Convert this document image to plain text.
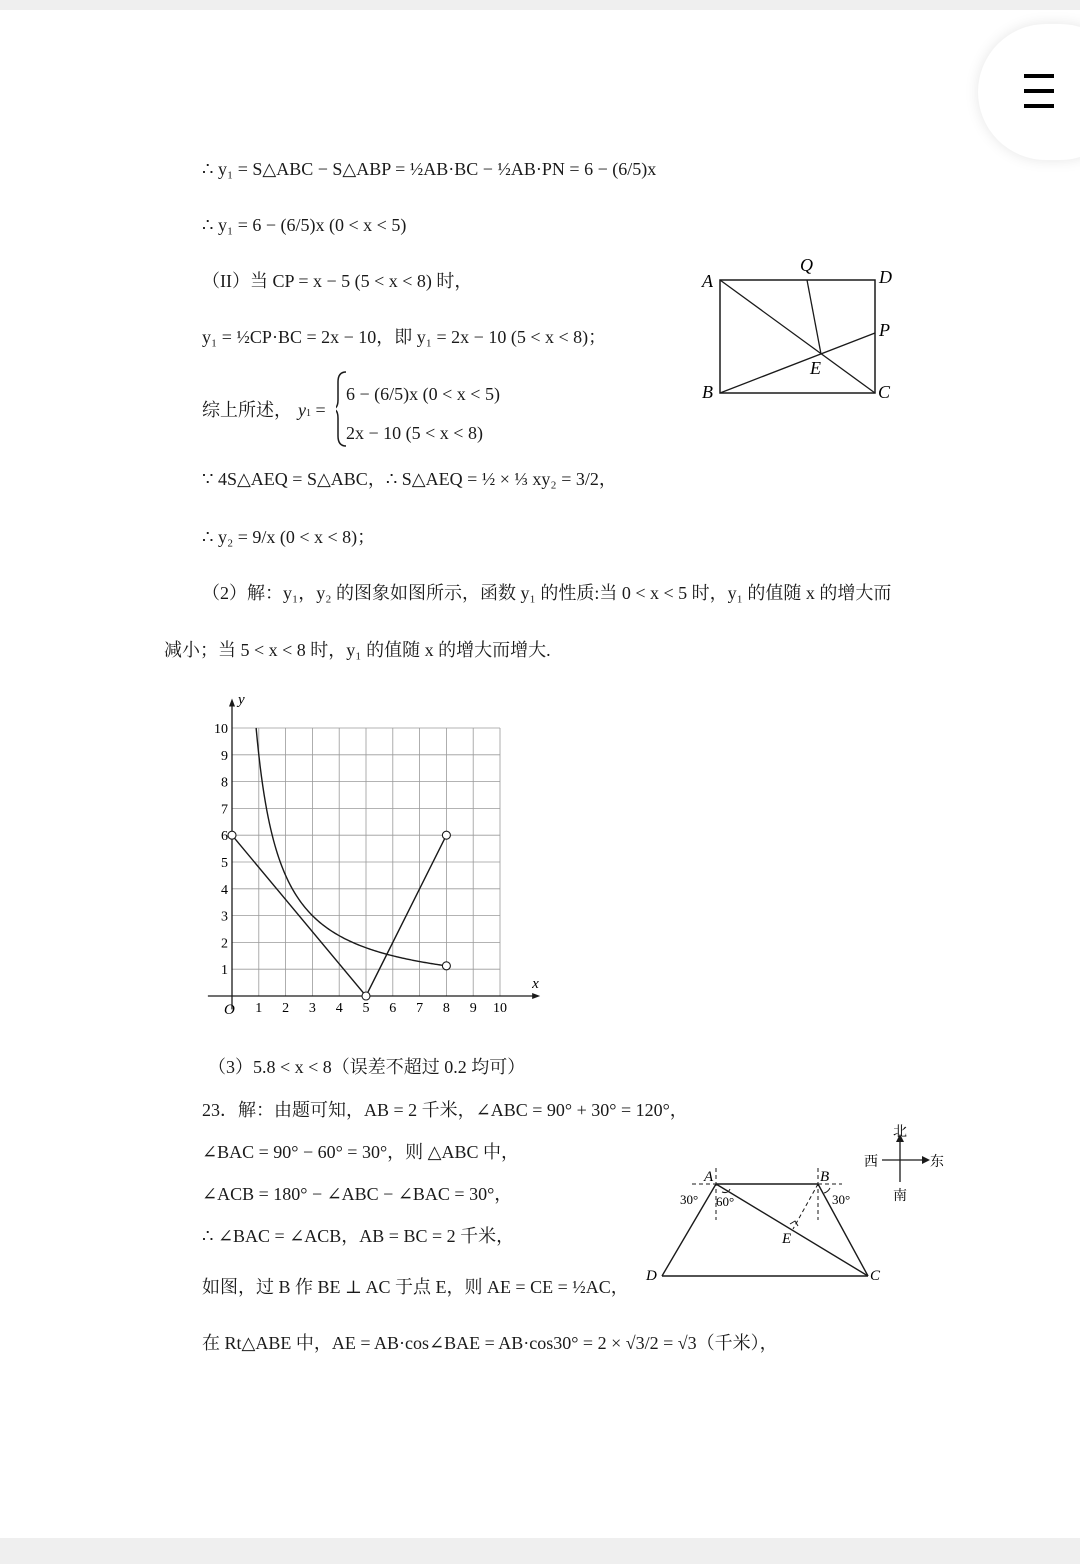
∴ y₁ = S△ABC − S△ABP = ½AB·BC − ½AB·PN = 6 − (6/5)x
∴ y₁ = 6 − (6/5)x (0 < x < 5)
（II）当 CP = x − 5 (5 < x < 8) 时，
y₁ = ½CP·BC = 2x − 10，即 y₁ = 2x − 10 (5 < x < 8)；
综上所述， y1 =
6 − (6/5)x (0 < x < 5)
2x − 10 (5 < x < 8)
∵ 4S△AEQ = S△ABC，∴ S△AEQ = ½ × ⅓ xy₂ = 3/2，
∴ y₂ = 9/x (0 < x < 8)；
（2）解：y₁，y₂ 的图象如图所示，函数 y₁ 的性质:当 0 < x < 5 时，y₁ 的值随 x 的增大而
减小；当 5 < x < 8 时，y₁ 的值随 x 的增大而增大.
A
B	C
D
Q
P
E
1 2 3 4 5 6 7 8 9 10
1
2
3
4
5
6
7
8
9
10
O
x
y
（3）5.8 < x < 8（误差不超过 0.2 均可）
23．解：由题可知，AB = 2 千米，∠ABC = 90° + 30° = 120°，
∠BAC = 90° − 60° = 30°，则 △ABC 中，
∠ACB = 180° − ∠ABC − ∠BAC = 30°，
∴ ∠BAC = ∠ACB，AB = BC = 2 千米，
如图，过 B 作 BE ⊥ AC 于点 E，则 AE = CE = ½AC，
在 Rt△ABE 中，AE = AB·cos∠BAE = AB·cos30° = 2 × √3/2 = √3（千米），
北
西	东
南
A	B
C
D
E
30° 60°	30°
